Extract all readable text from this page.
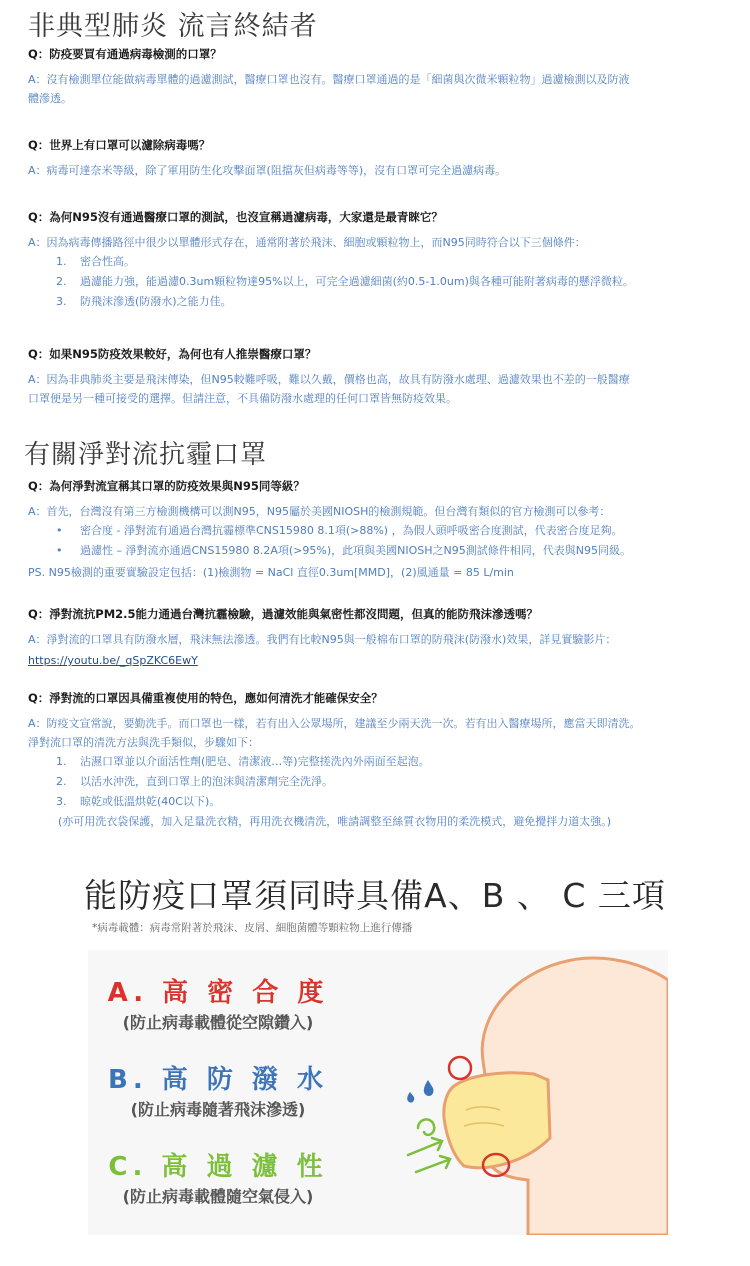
非典型肺炎 流言終結者

Q：防疫要買有通過病毒檢測的口罩？

A：沒有檢測單位能做病毒單體的過濾測試，醫療口罩也沒有。醫療口罩通過的是「細菌與次微米顆粒物」過濾檢測以及防液

體滲透。

Q：世界上有口罩可以濾除病毒嗎？

A：病毒可達奈米等級，除了軍用防生化攻擊面罩(阻擋灰但病毒等等)，沒有口罩可完全過濾病毒。

Q：為何N95沒有通過醫療口罩的測試，也沒宣稱過濾病毒，大家還是最青睞它？

A：因為病毒傳播路徑中很少以單體形式存在，通常附著於飛沫、細胞或顆粒物上，而N95同時符合以下三個條件：

1. 密合性高。
2. 過濾能力強，能過濾0.3um顆粒物達95%以上，可完全過濾細菌(約0.5-1.0um)與各種可能附著病毒的懸浮微粒。
3. 防飛沫滲透(防潑水)之能力佳。

Q：如果N95防疫效果較好，為何也有人推崇醫療口罩？

A：因為非典肺炎主要是飛沫傳染，但N95較難呼吸，難以久戴，價格也高，故具有防潑水處理、過濾效果也不差的一般醫療

口罩便是另一種可接受的選擇。但請注意，不具備防潑水處理的任何口罩皆無防疫效果。

有關淨對流抗霾口罩

Q：為何淨對流宣稱其口罩的防疫效果與N95同等級？

A：首先，台灣沒有第三方檢測機構可以測N95，N95屬於美國NIOSH的檢測規範。但台灣有類似的官方檢測可以參考：

• 密合度 - 淨對流有通過台灣抗霾標準CNS15980 8.1項(>88%) ，為假人頭呼吸密合度測試，代表密合度足夠。
• 過濾性 – 淨對流亦通過CNS15980 8.2A項(>95%)，此項與美國NIOSH之N95測試條件相同，代表與N95同級。

PS. N95檢測的重要實驗設定包括：(1)檢測物 = NaCl 直徑0.3um[MMD]，(2)風通量 = 85 L/min

Q：淨對流抗PM2.5能力通過台灣抗霾檢驗，過濾效能與氣密性都沒問題，但真的能防飛沫滲透嗎？

A：淨對流的口罩具有防潑水層，飛沫無法滲透。我們有比較N95與一般棉布口罩的防飛沫(防潑水)效果，詳見實驗影片：

https://youtu.be/_qSpZKC6EwY

Q：淨對流的口罩因具備重複使用的特色，應如何清洗才能確保安全？

A：防疫文宣常說，要勤洗手。而口罩也一樣，若有出入公眾場所，建議至少兩天洗一次。若有出入醫療場所，應當天即清洗。

淨對流口罩的清洗方法與洗手類似，步驟如下：

1. 沾濕口罩並以介面活性劑(肥皂、清潔液…等)完整搓洗內外兩面至起泡。
2. 以活水沖洗，直到口罩上的泡沫與清潔劑完全洗淨。
3. 晾乾或低溫烘乾(40C以下)。
(亦可用洗衣袋保護，加入足量洗衣精，再用洗衣機清洗，唯請調整至絲質衣物用的柔洗模式，避免攪拌力道太強。)
能防疫口罩須同時具備A、B 、 C 三項

*病毒載體：病毒常附著於飛沫、皮屑、細胞菌體等顆粒物上進行傳播

A. 高 密 合 度

(防止病毒載體從空隙鑽入)

B. 高 防 潑 水

(防止病毒隨著飛沫滲透)

C. 高 過 濾 性

(防止病毒載體隨空氣侵入)
